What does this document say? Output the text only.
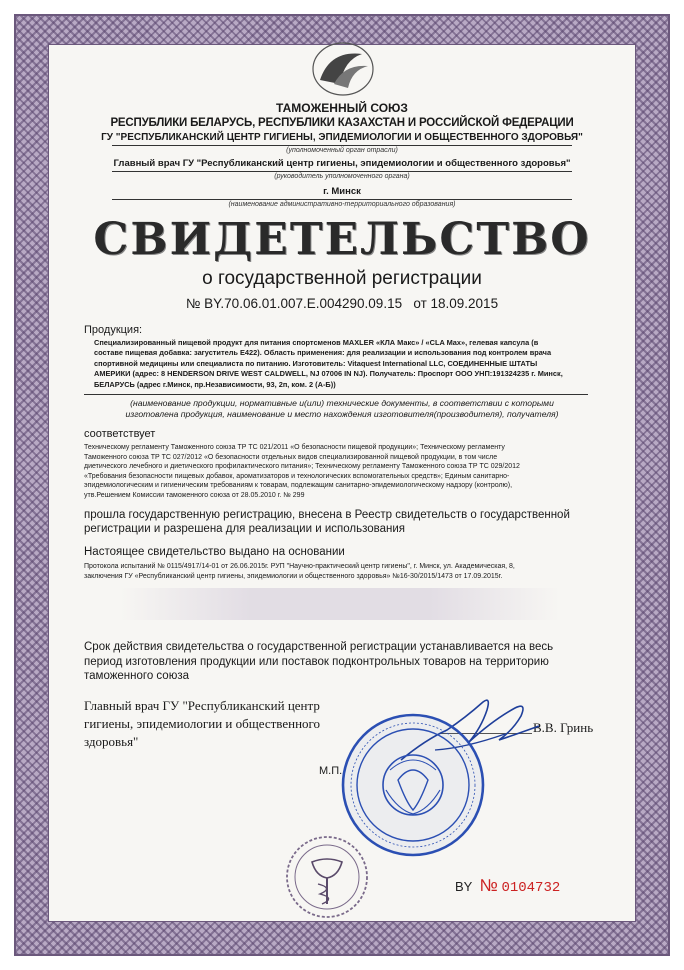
ТАМОЖЕННЫЙ СОЮЗ
РЕСПУБЛИКИ БЕЛАРУСЬ, РЕСПУБЛИКИ КАЗАХСТАН И РОССИЙСКОЙ ФЕДЕРАЦИИ
ГУ "РЕСПУБЛИКАНСКИЙ ЦЕНТР ГИГИЕНЫ, ЭПИДЕМИОЛОГИИ И ОБЩЕСТВЕННОГО ЗДОРОВЬЯ"
(уполномоченный орган отрасли)
Главный врач ГУ "Республиканский центр гигиены, эпидемиологии и общественного здоровья"
(руководитель уполномоченного органа)
г. Минск
(наименование административно-территориального образования)
СВИДЕТЕЛЬСТВО
о государственной регистрации
№ BY.70.06.01.007.E.004290.09.15 от 18.09.2015
Продукция:
Специализированный пищевой продукт для питания спортсменов MAXLER «КЛА Макс» / «CLA Max», гелевая капсула (в
составе пищевая добавка: загуститель E422). Область применения: для реализации и использования под контролем врача
спортивной медицины или специалиста по питанию. Изготовитель: Vitaquest International LLC, СОЕДИНЕННЫЕ ШТАТЫ
АМЕРИКИ (адрес: 8 HENDERSON DRIVE WEST CALDWELL, NJ 07006 IN NJ). Получатель: Проспорт ООО УНП:191324235 г. Минск,
БЕЛАРУСЬ (адрес г.Минск, пр.Независимости, 93, 2п, ком. 2 (А-Б))
(наименование продукции, нормативные и(или) технические документы, в соответствии с которыми
изготовлена продукция, наименование и место нахождения изготовителя(производителя), получателя)
соответствует
Техническому регламенту Таможенного союза ТР ТС 021/2011 «О безопасности пищевой продукции»; Техническому регламенту
Таможенного союза ТР ТС 027/2012 «О безопасности отдельных видов специализированной пищевой продукции, в том числе
диетического лечебного и диетического профилактического питания»; Техническому регламенту Таможенного союза ТР ТС 029/2012
«Требования безопасности пищевых добавок, ароматизаторов и технологических вспомогательных средств»; Единым санитарно-
эпидемиологическим и гигиеническим требованиям к товарам, подлежащим санитарно-эпидемиологическому надзору (контролю),
утв.Решением Комиссии таможенного союза от 28.05.2010 г. № 299
прошла государственную регистрацию, внесена в Реестр свидетельств о государственной
регистрации и разрешена для реализации и использования
Настоящее свидетельство выдано на основании
Протокола испытаний № 0115/4917/14-01 от 26.06.2015г. РУП "Научно-практический центр гигиены", г. Минск, ул. Академическая, 8,
заключения ГУ «Республиканский центр гигиены, эпидемиологии и общественного здоровья» №16-30/2015/1473 от 17.09.2015г.
Срок действия свидетельства о государственной регистрации устанавливается на весь
период изготовления продукции или поставок подконтрольных товаров на территорию
таможенного союза
Главный врач ГУ "Республиканский центр
гигиены, эпидемиологии и общественного
здоровья"
В.В. Гринь
М.П.
BY № 0104732
